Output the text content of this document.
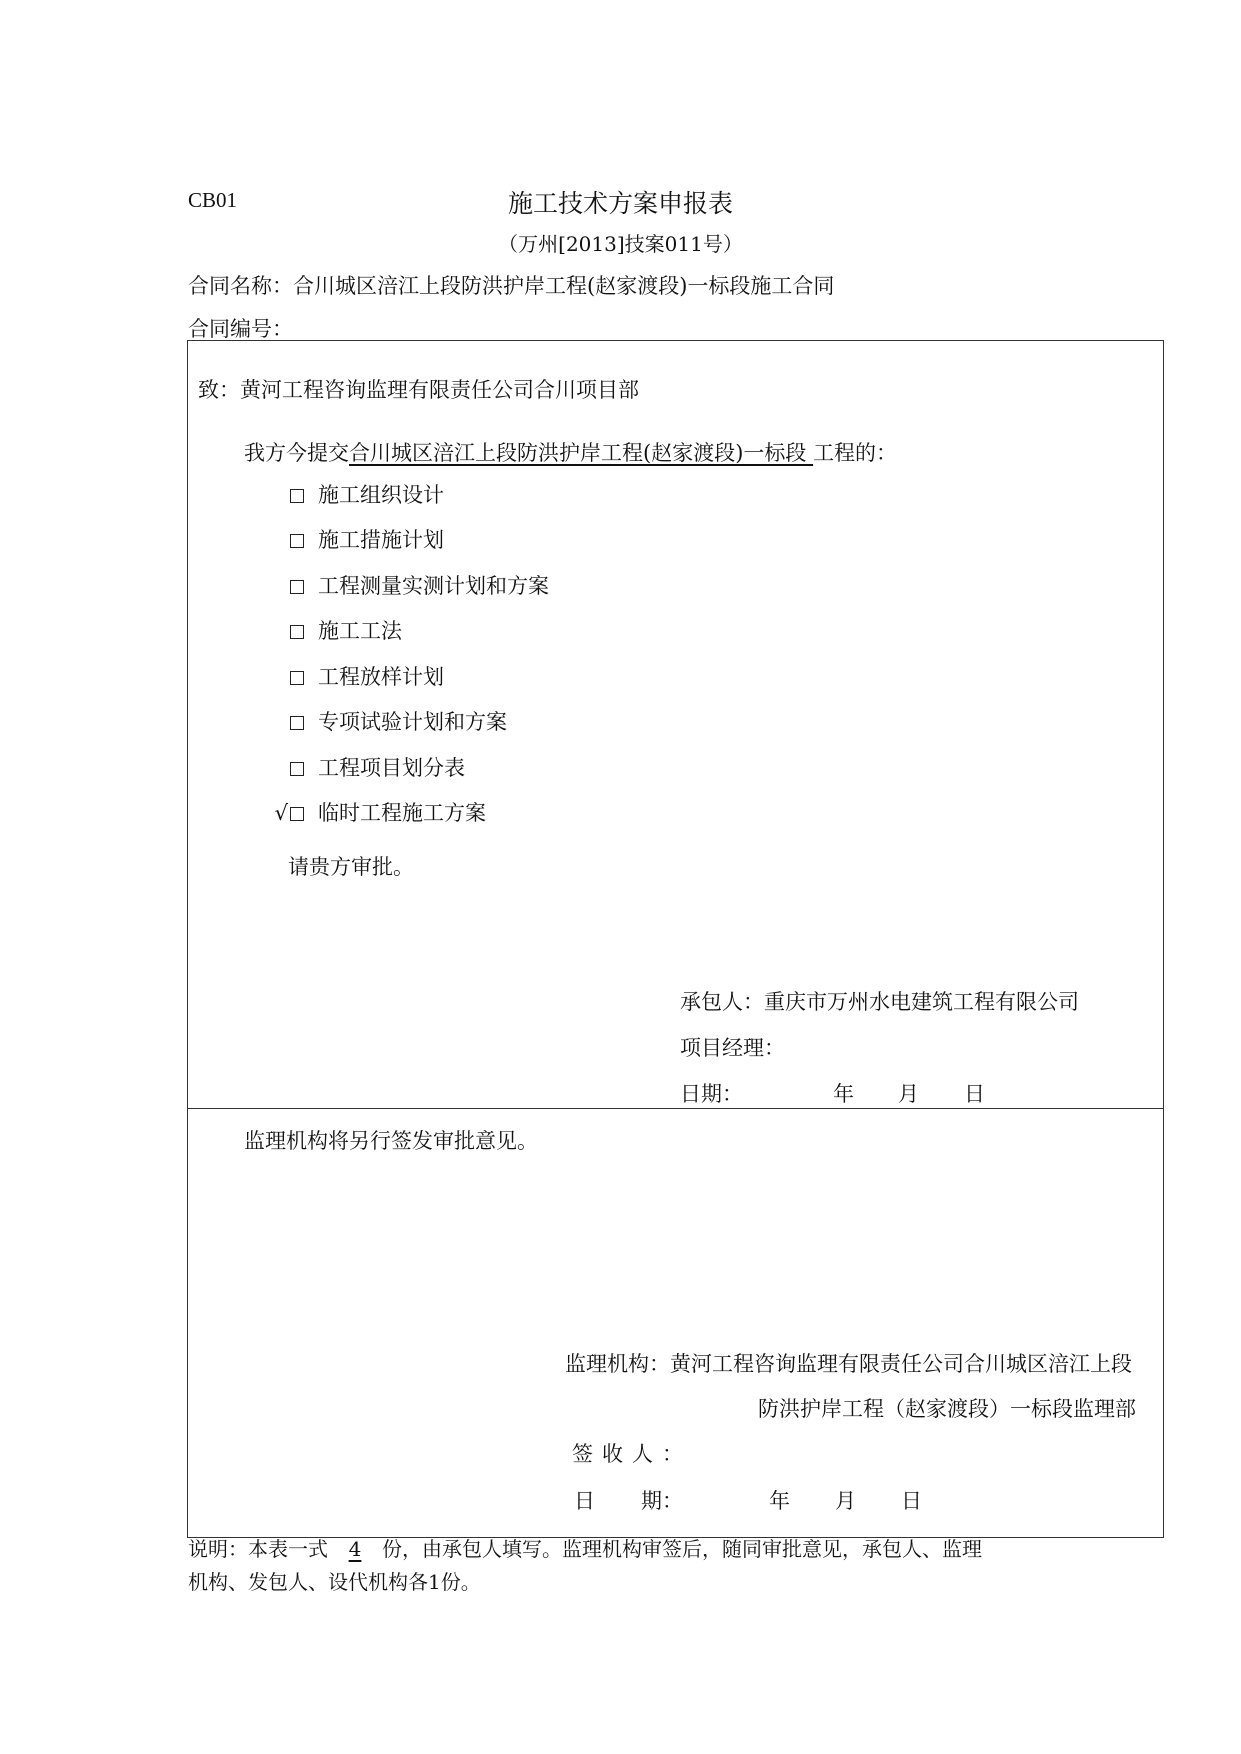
CB01	施工技术方案申报表
（万州[2013]技案011号）
合同名称：合川城区涪江上段防洪护岸工程(赵家渡段)一标段施工合同
合同编号：
致：黄河工程咨询监理有限责任公司合川项目部
我方今提交合川城区涪江上段防洪护岸工程(赵家渡段)一标段 工程的：
施工组织设计
施工措施计划
工程测量实测计划和方案
施工工法
工程放样计划
专项试验计划和方案
工程项目划分表
√ 临时工程施工方案
请贵方审批。
承包人：重庆市万州水电建筑工程有限公司
项目经理：
日期：	年 月 日
监理机构将另行签发审批意见。
监理机构：黄河工程咨询监理有限责任公司合川城区涪江上段
防洪护岸工程（赵家渡段）一标段监理部
签收人：
日 期：	年 月 日
说明：本表一式 4 份，由承包人填写。监理机构审签后，随同审批意见，承包人、监理
机构、发包人、设代机构各1份。
